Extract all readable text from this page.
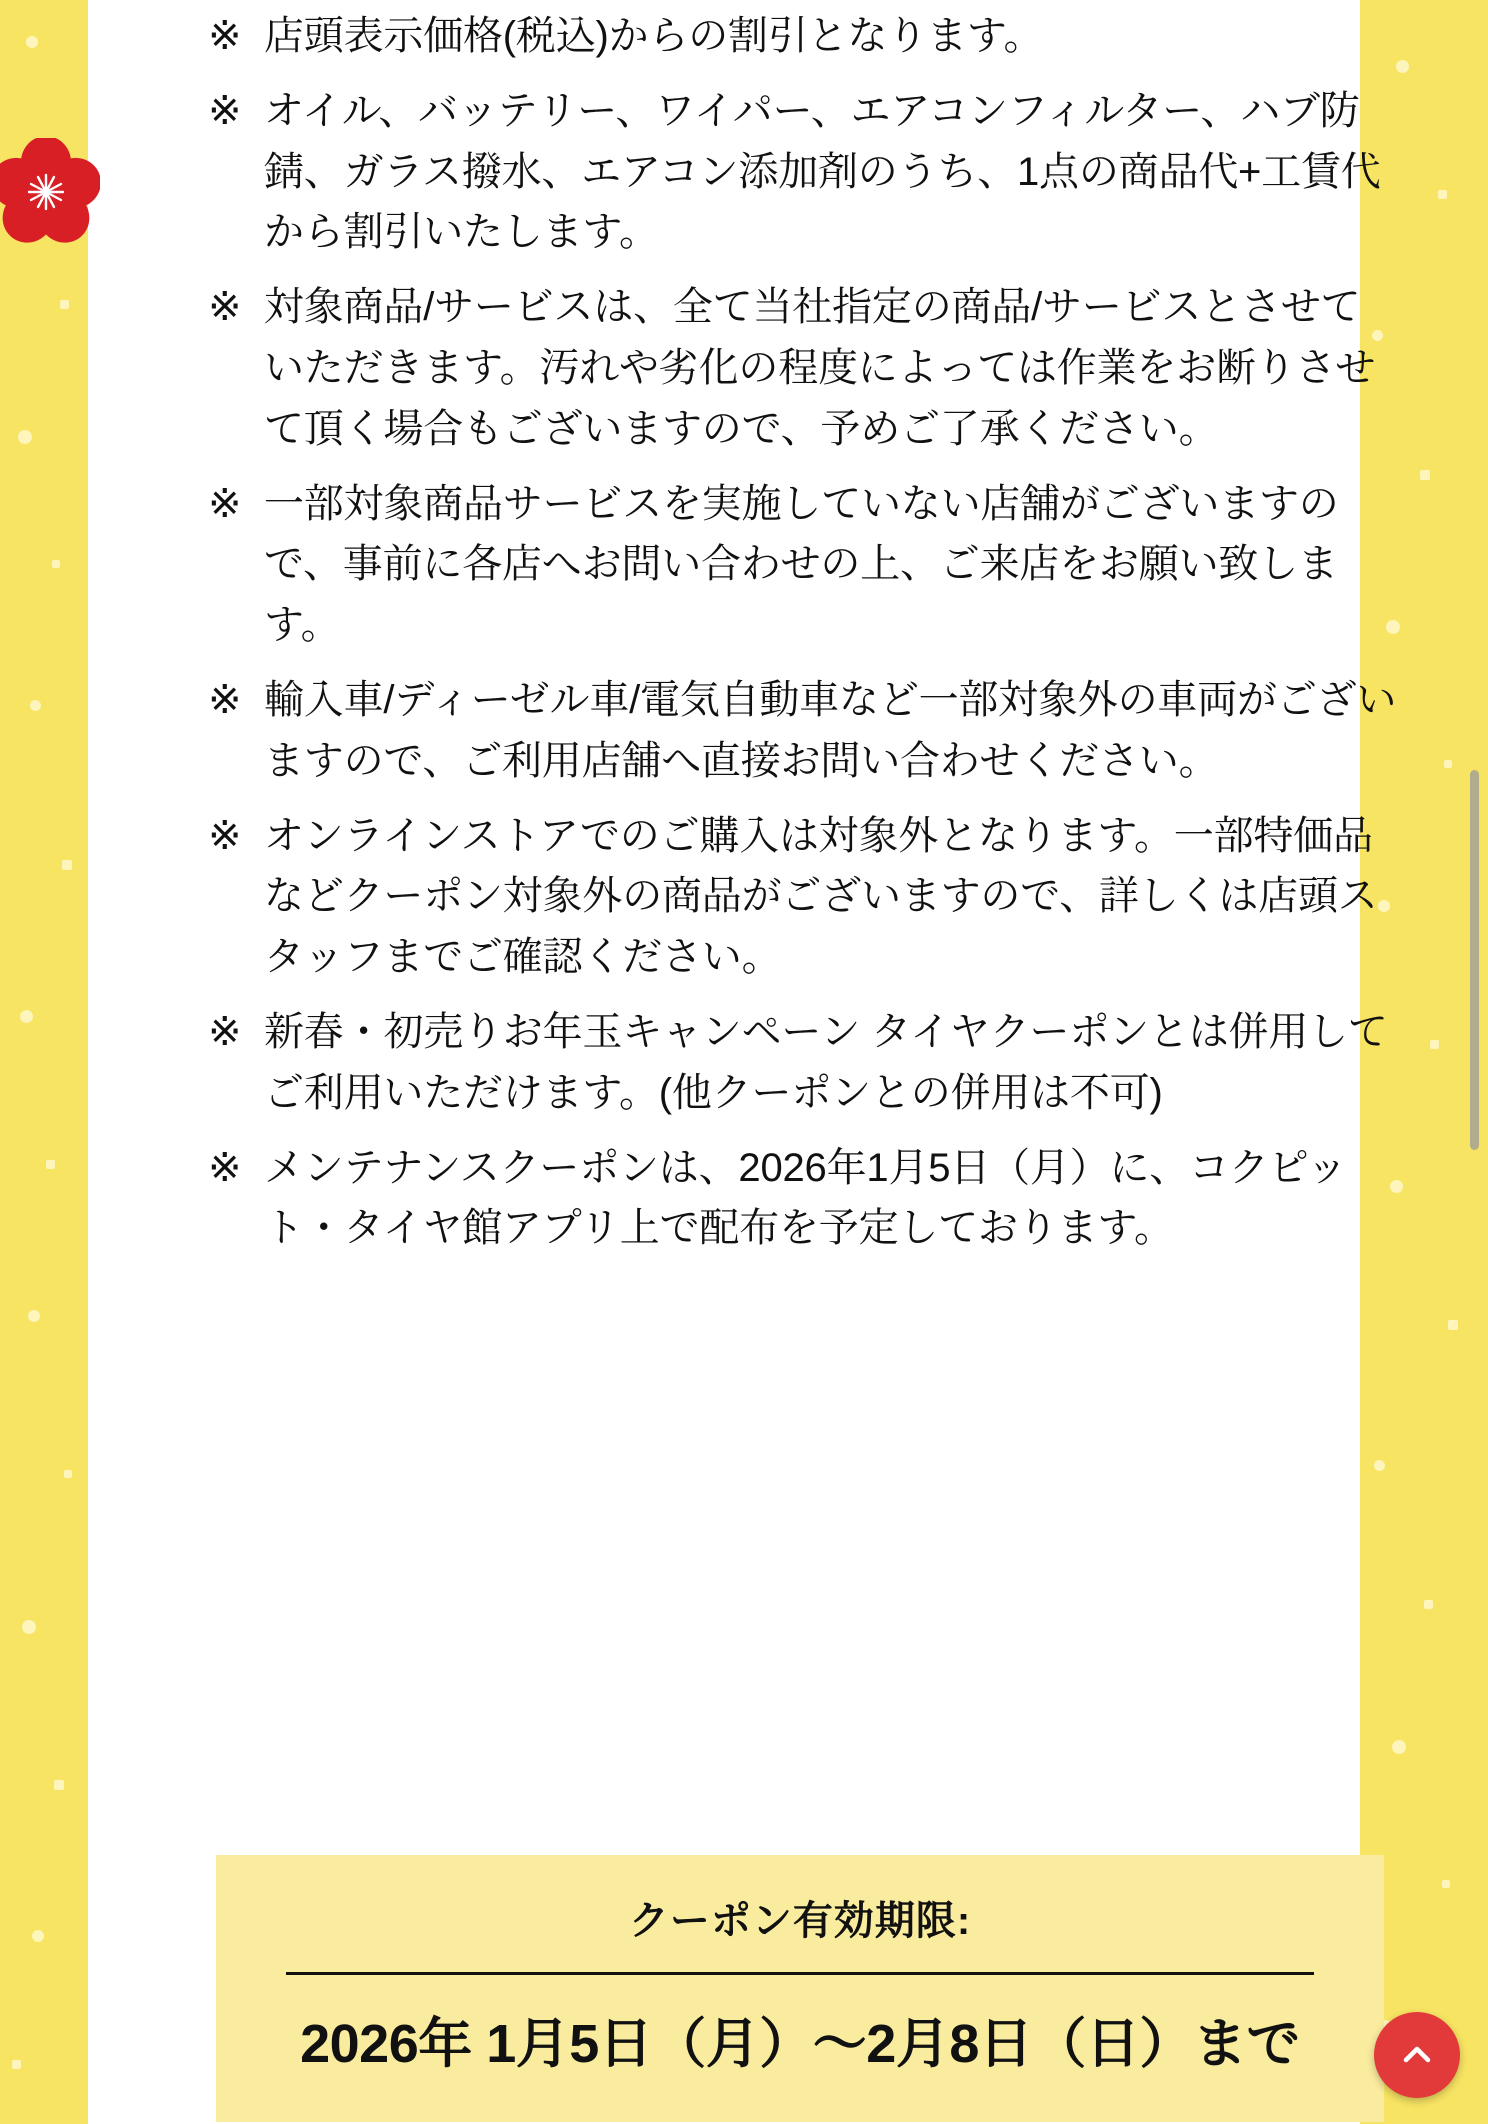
※ 店頭表示価格(税込)からの割引となります。
※ オイル、バッテリー、ワイパー、エアコンフィルター、ハブ防錆、ガラス撥水、エアコン添加剤のうち、1点の商品代+工賃代から割引いたします。
※ 対象商品/サービスは、全て当社指定の商品/サービスとさせていただきます。汚れや劣化の程度によっては作業をお断りさせて頂く場合もございますので、予めご了承ください。
※ 一部対象商品サービスを実施していない店舗がございますので、事前に各店へお問い合わせの上、ご来店をお願い致します。
※ 輸入車/ディーゼル車/電気自動車など一部対象外の車両がございますので、ご利用店舗へ直接お問い合わせください。
※ オンラインストアでのご購入は対象外となります。一部特価品などクーポン対象外の商品がございますので、詳しくは店頭スタッフまでご確認ください。
※ 新春・初売りお年玉キャンペーン タイヤクーポンとは併用してご利用いただけます。(他クーポンとの併用は不可)
※ メンテナンスクーポンは、2026年1月5日（月）に、コクピット・タイヤ館アプリ上で配布を予定しております。
クーポン有効期限:
2026年 1月5日（月）〜2月8日（日）まで
